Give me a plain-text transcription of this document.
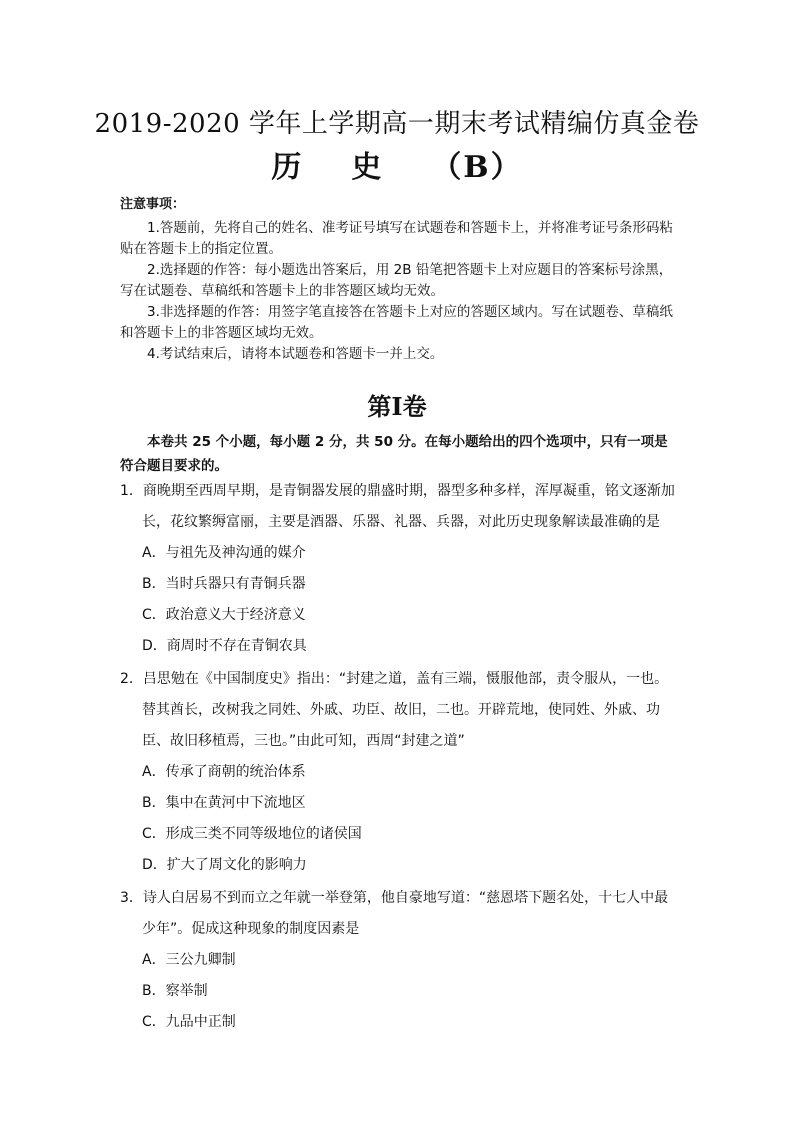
2019-2020 学年上学期高一期末考试精编仿真金卷
历 史 （B）
注意事项：

1.答题前，先将自己的姓名、准考证号填写在试题卷和答题卡上，并将准考证号条形码粘贴在答题卡上的指定位置。

2.选择题的作答：每小题选出答案后，用 2B 铅笔把答题卡上对应题目的答案标号涂黑，写在试题卷、草稿纸和答题卡上的非答题区域均无效。

3.非选择题的作答：用签字笔直接答在答题卡上对应的答题区域内。写在试题卷、草稿纸和答题卡上的非答题区域均无效。

4.考试结束后，请将本试题卷和答题卡一并上交。

第Ⅰ卷
本卷共 25 个小题，每小题 2 分，共 50 分。在每小题给出的四个选项中，只有一项是符合题目要求的。

1．商晚期至西周早期，是青铜器发展的鼎盛时期，器型多种多样，浑厚凝重，铭文逐渐加长，花纹繁缛富丽，主要是酒器、乐器、礼器、兵器，对此历史现象解读最准确的是

A．与祖先及神沟通的媒介

B．当时兵器只有青铜兵器

C．政治意义大于经济意义

D．商周时不存在青铜农具

2．吕思勉在《中国制度史》指出：“封建之道，盖有三端，慑服他部，责令服从，一也。替其酋长，改树我之同姓、外戚、功臣、故旧，二也。开辟荒地，使同姓、外戚、功臣、故旧移植焉，三也。”由此可知，西周“封建之道”

A．传承了商朝的统治体系

B．集中在黄河中下流地区

C．形成三类不同等级地位的诸侯国

D．扩大了周文化的影响力

3．诗人白居易不到而立之年就一举登第，他自豪地写道：“慈恩塔下题名处，十七人中最少年”。促成这种现象的制度因素是

A．三公九卿制

B．察举制

C．九品中正制
